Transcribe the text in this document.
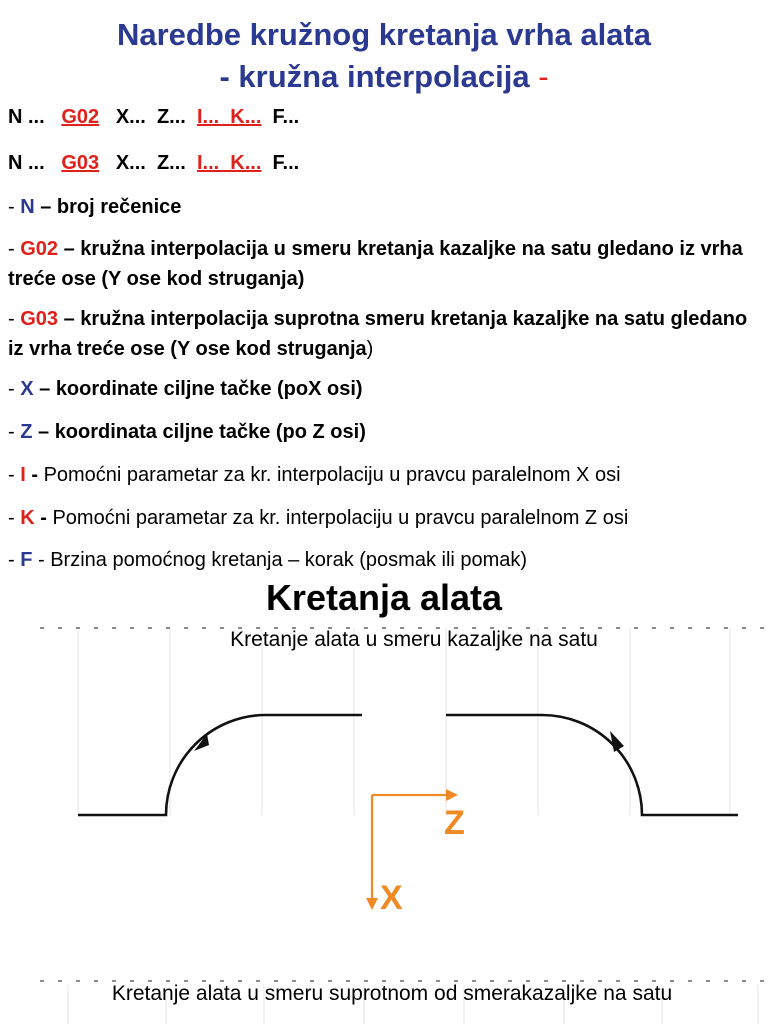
Naredbe kružnog kretanja vrha alata
- kružna interpolacija -
N ... G02 X...  Z... I...  K... F...
N ... G03 X...  Z... I...  K... F...
- N – broj rečenice
- G02 – kružna interpolacija u smeru kretanja kazaljke na satu gledano iz vrha treće ose (Y ose kod struganja)
- G03 – kružna interpolacija suprotna smeru kretanja kazaljke na satu gledano iz vrha treće ose (Y ose kod struganja)
- X – koordinate ciljne tačke (poX osi)
- Z – koordinata ciljne tačke (po Z osi)
- I - Pomoćni parametar za kr. interpolaciju u pravcu paralelnom X osi
- K - Pomoćni parametar za kr. interpolaciju u pravcu paralelnom Z osi
- F - Brzina pomoćnog kretanja – korak (posmak ili pomak)
Kretanja alata
Z
X
Kretanje alata u smeru kazaljke na satu
Kretanje alata u smeru suprotnom od smerakazaljke na satu
